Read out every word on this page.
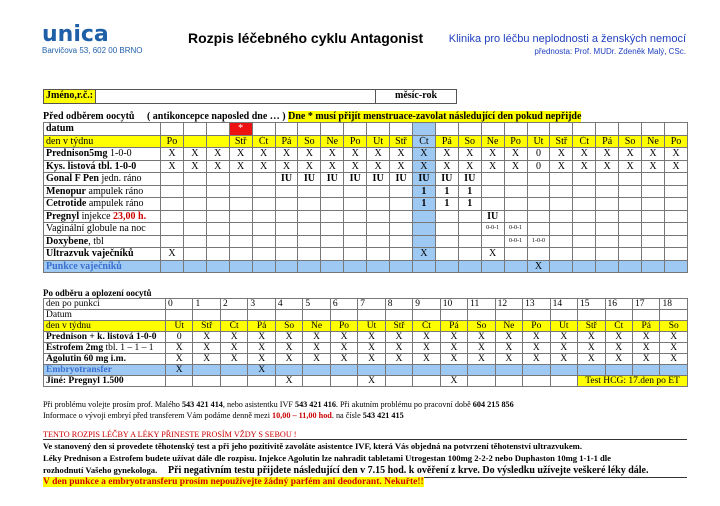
unica
Barvičova 53, 602 00 BRNO
Rozpis léčebného cyklu Antagonist Klinika pro léčbu neplodnosti a ženských nemocí
přednosta: Prof. MUDr. Zdeněk Malý, CSc.
Jméno,r.č.:	měsíc-rok
Před odběrem oocytů ( antikoncepce naposled dne … ) Dne * musí přijít menstruace-zavolat následující den pokud nepřijde
datum				*																			
den v týdnu	Po			Stř	Čt	Pá	So	Ne	Po	Út	Stř	Čt	Pá	So	Ne	Po	Út	Stř	Čt	Pá	So	Ne	Po
Prednison5mg 1-0-0	X	X	X	X	X	X	X	X	X	X	X	X	X	X	X	X	0	X	X	X	X	X	X
Kys. listová tbl. 1-0-0	X	X	X	X	X	X	X	X	X	X	X	X	X	X	X	X	0	X	X	X	X	X	X
Gonal F Pen jedn. ráno						IU	IU	IU	IU	IU	IU	IU	IU	IU									
Menopur ampulek ráno												1	1	1									
Cetrotide ampulek ráno												1	1	1									
Pregnyl injekce 23,00 h.															IU								
Vaginální globule na noc															0-0-1	0-0-1							
Doxybene, tbl																0-0-1	1-0-0						
Ultrazvuk vaječníků	X											X			X								
Punkce vaječníků																	X						
Po odběru a oplození oocytů
den po punkci	0	1	2	3	4	5	6	7	8	9	10	11	12	13	14	15	16	17	18
Datum																			
den v týdnu	Út	Stř	Čt	Pá	So	Ne	Po	Út	Stř	Čt	Pá	So	Ne	Po	Út	Stř	Čt	Pá	So
Prednison + k. listová 1-0-0	0	X	X	X	X	X	X	X	X	X	X	X	X	X	X	X	X	X	X
Estrofem 2mg tbl. 1 – 1 – 1	X	X	X	X	X	X	X	X	X	X	X	X	X	X	X	X	X	X	X
Agolutin 60 mg i.m.	X	X	X	X	X	X	X	X	X	X	X	X	X	X	X	X	X	X	X
Embryotransfer	X			X															
Jiné: Pregnyl 1.500					X			X			X					Test HCG: 17.den po ET			
Při problému volejte prosím prof. Malého 543 421 414, nebo asistentku IVF 543 421 416. Při akutním problému po pracovní době 604 215 856
Informace o vývoji embryí před transferem Vám podáme denně mezi 10,00 – 11,00 hod. na čísle 543 421 415
TENTO ROZPIS LÉČBY A LÉKY PŘINESTE PROSÍM VŽDY S SEBOU !
Ve stanovený den si provedete těhotenský test a při jeho pozitivitě zavoláte asistentce IVF, která Vás objedná na potvrzení těhotenství ultrazvukem.
Léky Prednison a Estrofem budete užívat dále dle rozpisu. Injekce Agolutin lze nahradit tabletami Utrogestan 100mg 2-2-2 nebo Duphaston 10mg 1-1-1 dle
rozhodnutí Vašeho gynekologa. Při negativním testu přijdete následující den v 7.15 hod. k ověření z krve. Do výsledku užívejte veškeré léky dále.
V den punkce a embryotransferu prosím nepoužívejte žádný parfém ani deodorant. Nekuřte!!
